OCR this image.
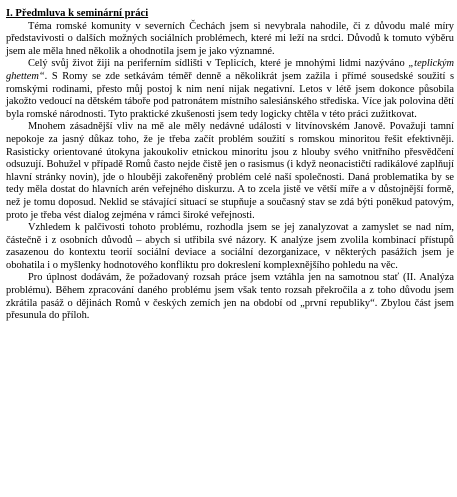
I. Předmluva k seminární práci

Téma romské komunity v severních Čechách jsem si nevybrala nahodile, či z důvodu malé míry představivosti o dalších možných sociálních problémech, které mi leží na srdci. Důvodů k tomuto výběru jsem ale měla hned několik a ohodnotila jsem je jako významné.

Celý svůj život žiji na periferním sídlišti v Teplicích, které je mnohými lidmi nazýváno „teplickým ghettem“. S Romy se zde setkávám téměř denně a několikrát jsem zažila i přímé sousedské soužití s romskými rodinami, přesto můj postoj k nim není nijak negativní. Letos v létě jsem dokonce působila jakožto vedoucí na dětském táboře pod patronátem místního salesiánského střediska. Více jak polovina dětí byla romské národnosti. Tyto praktické zkušenosti jsem tedy logicky chtěla v této práci zužitkovat.

Mnohem zásadnější vliv na mě ale měly nedávné události v litvínovském Janově. Považuji tamní nepokoje za jasný důkaz toho, že je třeba začít problém soužití s romskou minoritou řešit efektivněji. Rasisticky orientované útokyna jakoukoliv etnickou minoritu jsou z hlouby svého vnitřního přesvědčení odsuzují. Bohužel v případě Romů často nejde čistě jen o rasismus (i když neonacističtí radikálové zaplňují hlavní stránky novin), jde o hlouběji zakořeněný problém celé naší společnosti. Daná problematika by se tedy měla dostat do hlavních arén veřejného diskurzu. A to zcela jistě ve větší míře a v důstojnější formě, než je tomu doposud. Neklid se stávající situací se stupňuje a současný stav se zdá býti poněkud patovým, proto je třeba vést dialog zejména v rámci široké veřejnosti.

Vzhledem k palčivosti tohoto problému, rozhodla jsem se jej zanalyzovat a zamyslet se nad ním, částečně i z osobních důvodů – abych si utřibila své názory. K analýze jsem zvolila kombinací přístupů zasazenou do kontextu teorií sociální deviace a sociální dezorganizace, v některých pasážích jsem je obohatila i o myšlenky hodnotového konfliktu pro dokreslení komplexnějšího pohledu na věc.

Pro úplnost dodávám, že požadovaný rozsah práce jsem vztáhla jen na samotnou stať (II. Analýza problému). Během zpracování daného problému jsem však tento rozsah překročila a z toho důvodu jsem zkrátila pasáž o dějinách Romů v českých zemích jen na období od „první republiky“. Zbylou část jsem přesunula do příloh.
